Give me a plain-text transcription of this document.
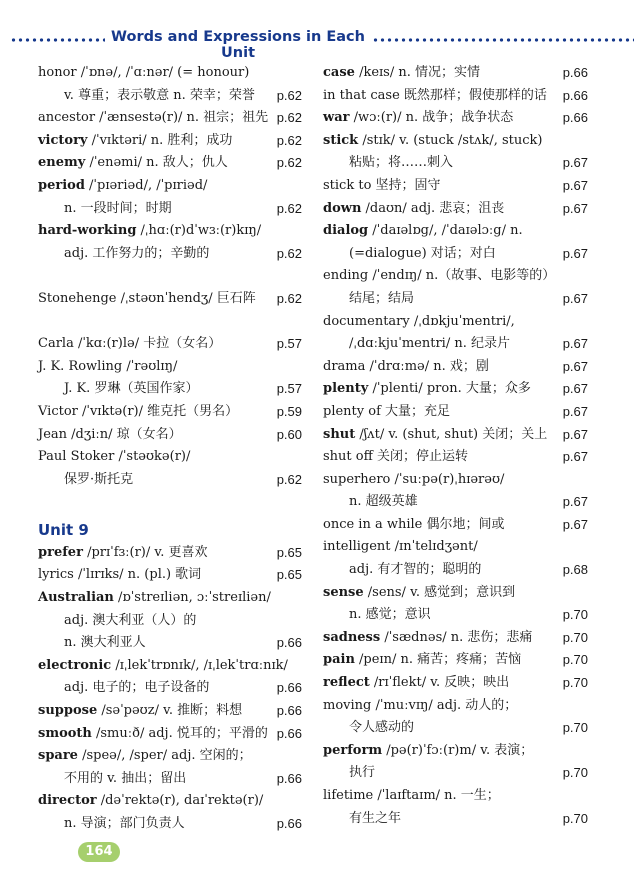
Words and Expressions in Each Unit
honor /ˈɒnə/, /ˈɑːnər/ (= honour)
v. 尊重；表示敬意 n. 荣幸；荣誉 p.62
ancestor /ˈænsestə(r)/ n. 祖宗；祖先 p.62
victory /ˈvɪktəri/ n. 胜利；成功	p.62
enemy /ˈenəmi/ n. 敌人；仇人	p.62
period /ˈpɪəriəd/, /ˈpɪriəd/
n. 一段时间；时期	p.62
hard-working /ˌhɑː(r)dˈwɜː(r)kɪŋ/
adj. 工作努力的；辛勤的	p.62
Stonehenge /ˌstəʊnˈhendʒ/ 巨石阵 p.62
Carla /ˈkɑː(r)lə/ 卡拉（女名）	p.57
J. K. Rowling /ˈrəʊlɪŋ/
J. K. 罗琳（英国作家）	p.57
Victor /ˈvɪktə(r)/ 维克托（男名）	p.59
Jean /dʒiːn/ 琼（女名）	p.60
Paul Stoker /ˈstəʊkə(r)/
保罗·斯托克	p.62
Unit 9
prefer /prɪˈfɜː(r)/ v. 更喜欢	p.65
lyrics /ˈlɪrɪks/ n. (pl.) 歌词	p.65
Australian /ɒˈstreɪliən, ɔːˈstreɪliən/
adj. 澳大利亚（人）的
n. 澳大利亚人	p.66
electronic /ɪˌlekˈtrɒnɪk/, /ɪˌlekˈtrɑːnɪk/
adj. 电子的；电子设备的	p.66
suppose /səˈpəʊz/ v. 推断；料想	p.66
smooth /smuːð/ adj. 悦耳的；平滑的 p.66
spare /speə/, /sper/ adj. 空闲的；
不用的 v. 抽出；留出	p.66
director /dəˈrektə(r), daɪˈrektə(r)/
n. 导演；部门负责人	p.66
case /keɪs/ n. 情况；实情	p.66
in that case 既然那样；假使那样的话 p.66
war /wɔː(r)/ n. 战争；战争状态	p.66
stick /stɪk/ v. (stuck /stʌk/, stuck)
粘贴；将……刺入	p.67
stick to 坚持；固守	p.67
down /daʊn/ adj. 悲哀；沮丧	p.67
dialog /ˈdaɪəlɒg/, /ˈdaɪəlɔːg/ n.
(=dialogue) 对话；对白	p.67
ending /ˈendɪŋ/ n.（故事、电影等的）
结尾；结局	p.67
documentary /ˌdɒkjuˈmentri/,
/ˌdɑːkjuˈmentri/ n. 纪录片	p.67
drama /ˈdrɑːmə/ n. 戏；剧	p.67
plenty /ˈplenti/ pron. 大量；众多 p.67
plenty of 大量；充足	p.67
shut /ʃʌt/ v. (shut, shut) 关闭；关上 p.67
shut off 关闭；停止运转	p.67
superhero /ˈsuːpə(r)ˌhɪərəʊ/
n. 超级英雄	p.67
once in a while 偶尔地；间或	p.67
intelligent /ɪnˈtelɪdʒənt/
adj. 有才智的；聪明的	p.68
sense /sens/ v. 感觉到；意识到
n. 感觉；意识	p.70
sadness /ˈsædnəs/ n. 悲伤；悲痛 p.70
pain /peɪn/ n. 痛苦；疼痛；苦恼	p.70
reflect /rɪˈflekt/ v. 反映；映出	p.70
moving /ˈmuːvɪŋ/ adj. 动人的；
令人感动的	p.70
perform /pə(r)ˈfɔː(r)m/ v. 表演；
执行	p.70
lifetime /ˈlaɪftaɪm/ n. 一生；
有生之年	p.70
164
